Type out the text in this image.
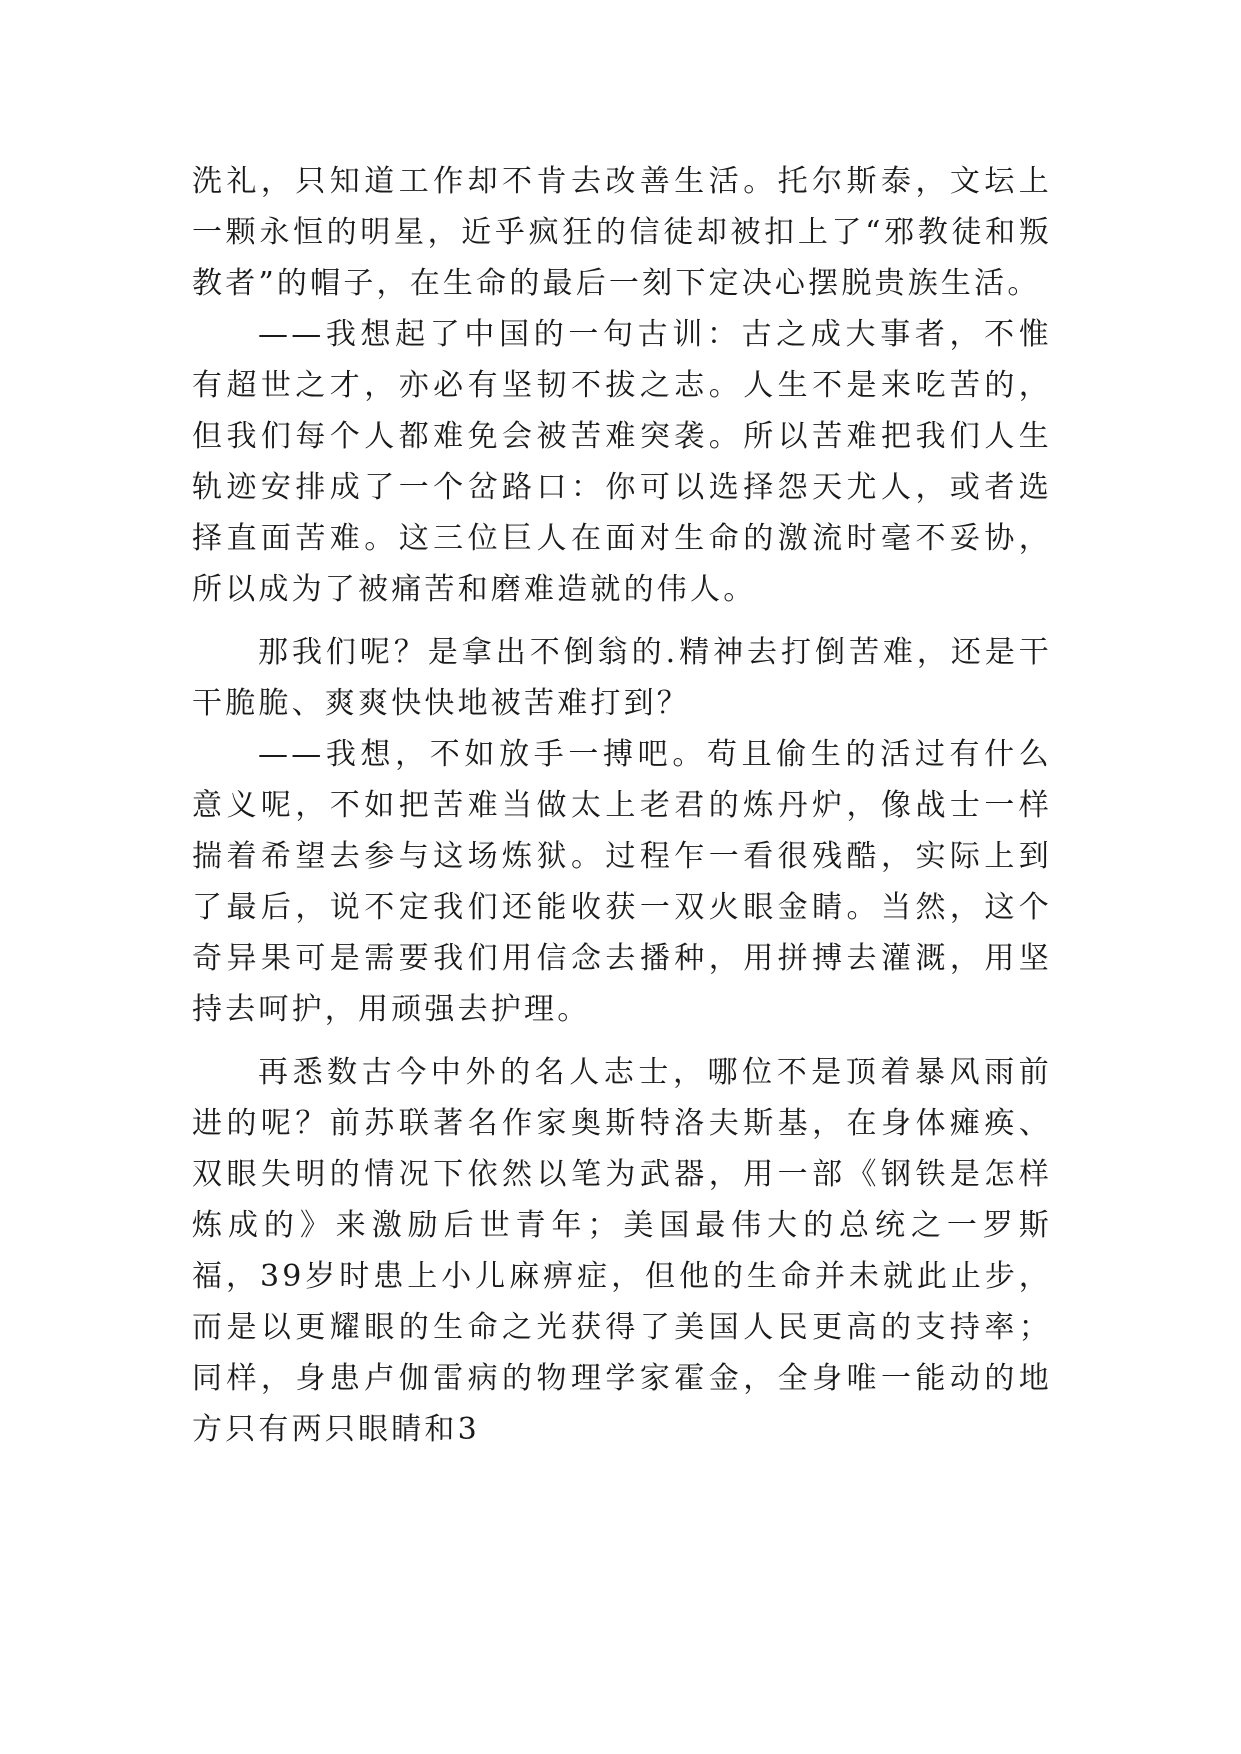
洗礼，只知道工作却不肯去改善生活。托尔斯泰，文坛上一颗永恒的明星，近乎疯狂的信徒却被扣上了“邪教徒和叛教者”的帽子，在生命的最后一刻下定决心摆脱贵族生活。

——我想起了中国的一句古训：古之成大事者，不惟有超世之才，亦必有坚韧不拔之志。人生不是来吃苦的，但我们每个人都难免会被苦难突袭。所以苦难把我们人生轨迹安排成了一个岔路口：你可以选择怨天尤人，或者选择直面苦难。这三位巨人在面对生命的激流时毫不妥协，所以成为了被痛苦和磨难造就的伟人。

那我们呢？是拿出不倒翁的.精神去打倒苦难，还是干干脆脆、爽爽快快地被苦难打到？

——我想，不如放手一搏吧。苟且偷生的活过有什么意义呢，不如把苦难当做太上老君的炼丹炉，像战士一样揣着希望去参与这场炼狱。过程乍一看很残酷，实际上到了最后，说不定我们还能收获一双火眼金睛。当然，这个奇异果可是需要我们用信念去播种，用拼搏去灌溉，用坚持去呵护，用顽强去护理。

再悉数古今中外的名人志士，哪位不是顶着暴风雨前进的呢？前苏联著名作家奥斯特洛夫斯基，在身体瘫痪、双眼失明的情况下依然以笔为武器，用一部《钢铁是怎样炼成的》来激励后世青年；美国最伟大的总统之一罗斯福，39岁时患上小儿麻痹症，但他的生命并未就此止步，而是以更耀眼的生命之光获得了美国人民更高的支持率；同样，身患卢伽雷病的物理学家霍金，全身唯一能动的地方只有两只眼睛和3
